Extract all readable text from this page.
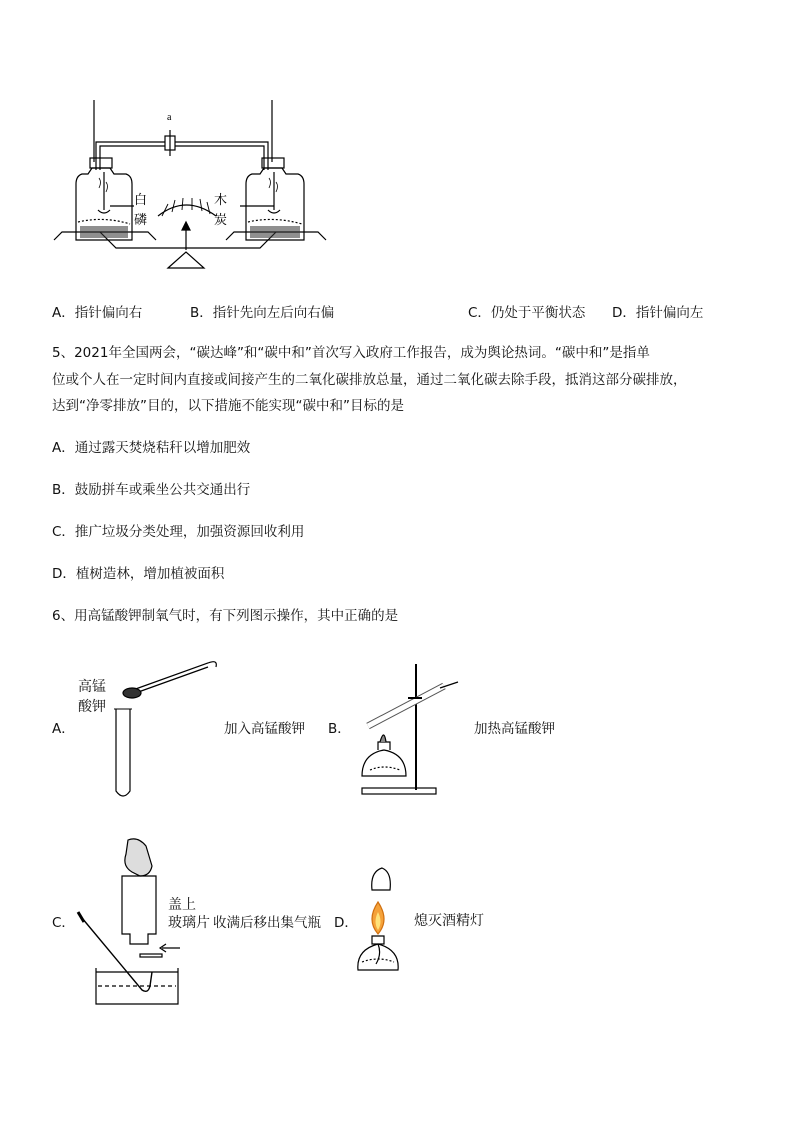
a
白
磷
木
炭
A．指针偏向右	B．指针先向左后向右偏	C．仍处于平衡状态 D．指针偏向左
5、2021年全国两会，“碳达峰”和“碳中和”首次写入政府工作报告，成为舆论热词。“碳中和”是指单
位或个人在一定时间内直接或间接产生的二氧化碳排放总量，通过二氧化碳去除手段，抵消这部分碳排放，
达到“净零排放”目的，以下措施不能实现“碳中和”目标的是
A．通过露天焚烧秸秆以增加肥效
B．鼓励拼车或乘坐公共交通出行
C．推广垃圾分类处理，加强资源回收利用
D．植树造林，增加植被面积
6、用高锰酸钾制氧气时，有下列图示操作，其中正确的是
A．
高锰
酸钾
加入高锰酸钾 B．	加热高锰酸钾
C．
盖上
玻璃片 收满后移出集气瓶 D．	熄灭酒精灯
